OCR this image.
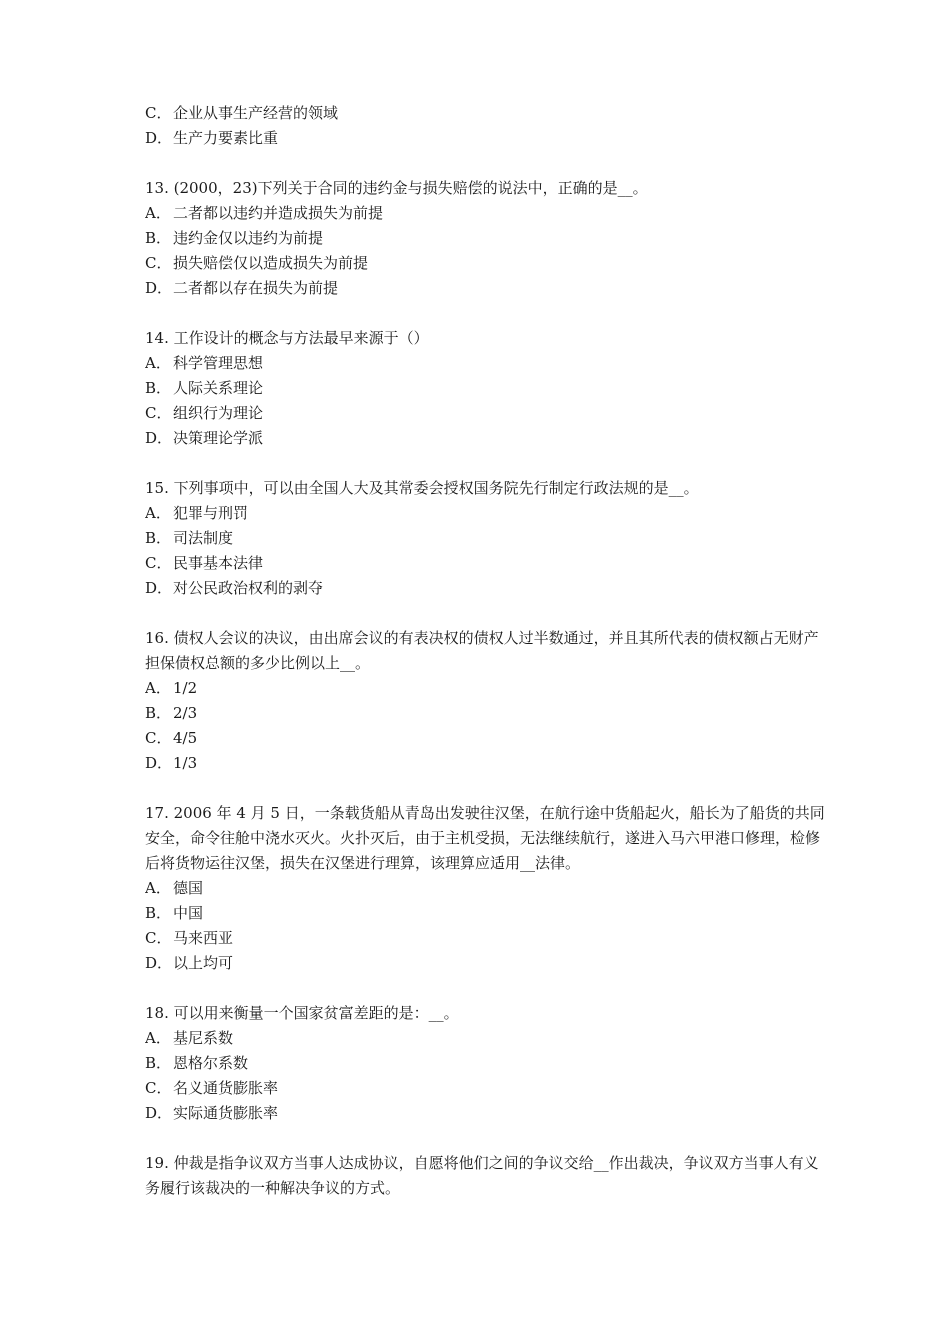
C． 企业从事生产经营的领域
D．生产力要素比重
13. (2000，23)下列关于合同的违约金与损失赔偿的说法中，正确的是__。
A． 二者都以违约并造成损失为前提
B． 违约金仅以违约为前提
C． 损失赔偿仅以造成损失为前提
D．二者都以存在损失为前提
14. 工作设计的概念与方法最早来源于（）
A． 科学管理思想
B． 人际关系理论
C． 组织行为理论
D．决策理论学派
15. 下列事项中，可以由全国人大及其常委会授权国务院先行制定行政法规的是__。
A． 犯罪与刑罚
B． 司法制度
C． 民事基本法律
D．对公民政治权利的剥夺
16. 债权人会议的决议，由出席会议的有表决权的债权人过半数通过，并且其所代表的债权额占无财产担保债权总额的多少比例以上__。
A． 1/2
B． 2/3
C． 4/5
D．1/3
17. 2006 年 4 月 5 日，一条载货船从青岛出发驶往汉堡，在航行途中货船起火，船长为了船货的共同安全，命令往舱中浇水灭火。火扑灭后，由于主机受损，无法继续航行，遂进入马六甲港口修理，检修后将货物运往汉堡，损失在汉堡进行理算，该理算应适用__法律。
A． 德国
B． 中国
C． 马来西亚
D．以上均可
18. 可以用来衡量一个国家贫富差距的是：__。
A． 基尼系数
B． 恩格尔系数
C． 名义通货膨胀率
D．实际通货膨胀率
19. 仲裁是指争议双方当事人达成协议，自愿将他们之间的争议交给__作出裁决，争议双方当事人有义务履行该裁决的一种解决争议的方式。
